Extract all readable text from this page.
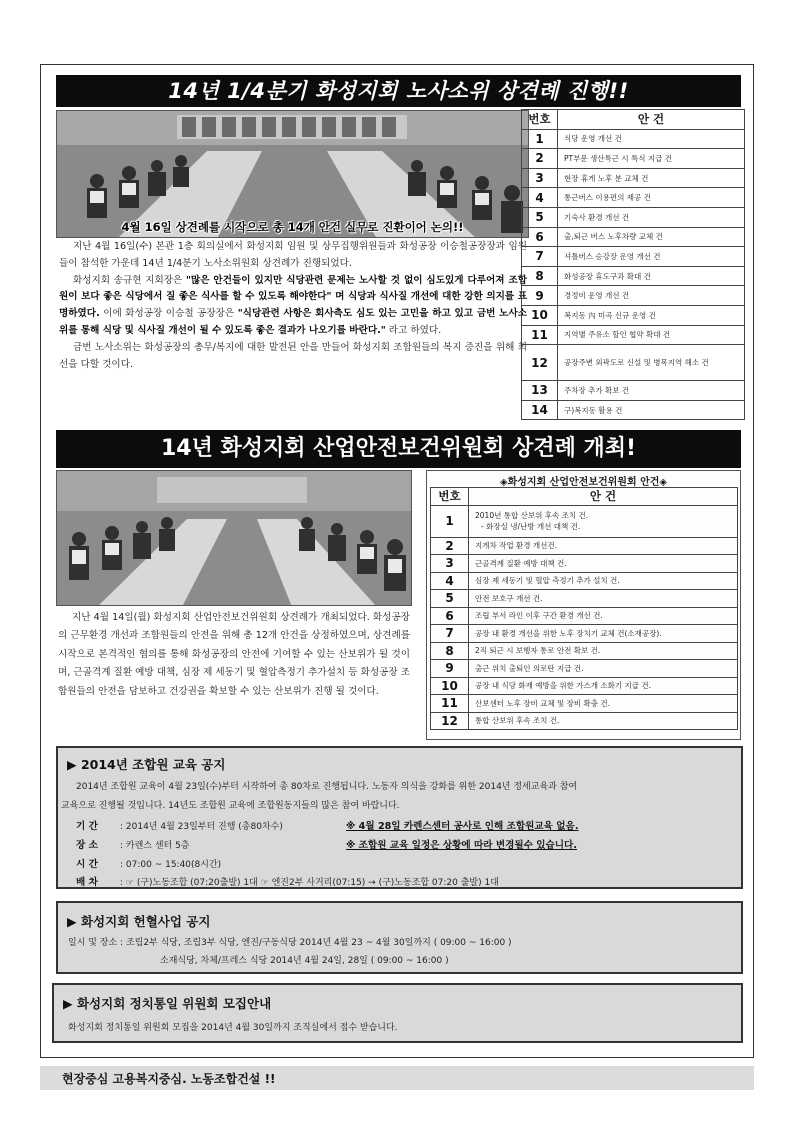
14년 1/4분기 화성지회 노사소위 상견례 진행!!
4월 16일 상견례를 시작으로 총 14개 안건 실무로 진환이어 논의!!

지난 4월 16일(수) 본관 1층 회의실에서 화성지회 임원 및 상무집행위원들과 화성공장 이승철공장장과 임원들이 참석한 가운데 14년 1/4분기 노사소위원회 상견례가 진행되었다.

화성지회 송규현 지회장은 "많은 안건들이 있지만 식당관련 문제는 노사할 것 없이 심도있게 다루어져 조합원이 보다 좋은 식당에서 질 좋은 식사를 할 수 있도록 해야한다" 며 식당과 식사질 개선에 대한 강한 의지를 표명하였다. 이에 화성공장 이승철 공장장은 "식당관련 사항은 회사측도 심도 있는 고민을 하고 있고 금번 노사소위를 통해 식당 및 식사질 개선이 될 수 있도록 좋은 결과가 나오기를 바란다." 라고 하였다.

금번 노사소위는 화성공장의 총무/복지에 대한 발전된 안을 만들어 화성지회 조합원들의 복지 증진을 위해 회선을 다할 것이다.

번호	안 건
1	식당 운영 개선 건
2	PT부문 생산특근 시 특식 지급 건
3	현장 휴게 노후 분 교체 건
4	통근버스 이용편의 제공 건
5	기숙사 환경 개선 건
6	출,퇴근 버스 노후차량 교체 건
7	셔틀버스 승강장 운영 개선 건
8	화성공장 휴도구과 확대 건
9	경정비 운영 개선 건
10	복지동 內 미곡 신규 운영 건
11	지역별 주유소 할인 협약 확대 건
12	공장주변 외곽도로 신설 및 병목지역 해소 건
13	주차장 추가 확보 건
14	구)복지동 활용 건
14년 화성지회 산업안전보건위원회 상견례 개최!

지난 4월 14일(월) 화성지회 산업안전보건위원회 상견례가 개최되었다. 화성공장의 근무환경 개선과 조합원들의 안전을 위해 총 12개 안건을 상정하였으며, 상견례를 시작으로 본격적인 협의를 통해 화성공장의 안전에 기여할 수 있는 산보위가 될 것이며, 근골격계 질환 예방 대책, 심장 제 세동기 및 혈압측정기 추가설치 등 화성공장 조합원들의 안전을 담보하고 건강권을 확보할 수 있는 산보위가 진행 될 것이다.

◈화성지회 산업안전보건위원회 안건◈
번호	안 건
1	2010년 통합 산보위 후속 조치 건.
- 화장실 냉/난방 개선 대책 건.

2	지게차 작업 환경 개선건.
3	근골격계 질환 예방 대책 건.
4	심장 제 세동기 및 혈압 측정기 추가 설치 건.
5	안전 보호구 개선 건.
6	조립 부서 라인 이후 구간 환경 개선 건.
7	공장 내 환경 개선을 위한 노후 장치기 교체 건(소재공장).
8	2직 퇴근 시 보행자 통로 안전 확보 건.
9	출근 위치 출퇴인 의로탄 지급 건.
10	공장 내 식당 화재 예방을 위한 가스개 소화기 지급 건.
11	산보센터 노후 장비 교체 및 장비 확충 건.
12	통합 산보위 후속 조치 건.
▶ 2014년 조합원 교육 공지
2014년 조합원 교육이 4월 23일(수)부터 시작하여 총 80차로 진행됩니다. 노동자 의식을 강화를 위한 2014년 정세교육과 참여
교육으로 진행될 것입니다. 14년도 조합원 교육에 조합원동지들의 많은 참여 바랍니다.
기 간 : 2014년 4월 23일부터 진행 (총80차수)	※ 4월 28일 카렌스센터 공사로 인해 조합원교육 없음.
장 소 : 카렌스 센터 5층	※ 조합원 교육 일정은 상황에 따라 변경될수 있습니다.
시 간 : 07:00 ~ 15:40(8시간)
배 차 : ☞ (구)노동조합 (07:20출발) 1대 ☞ 엔진2부 사거리(07:15) → (구)노동조합 07:20 출발) 1대
▶ 화성지회 헌혈사업 공지
일시 및 장소 : 조립2부 식당, 조립3부 식당, 엔진/구동식당 2014년 4월 23 ~ 4월 30일까지 ( 09:00 ~ 16:00 )
소재식당, 차체/프레스 식당 2014년 4월 24일, 28일 ( 09:00 ~ 16:00 )
▶ 화성지회 정치통일 위원회 모집안내
화성지회 정치통일 위원회 모집을 2014년 4월 30일까지 조직실에서 접수 받습니다.
현장중심 고용복지중심. 노동조합건설 !!
